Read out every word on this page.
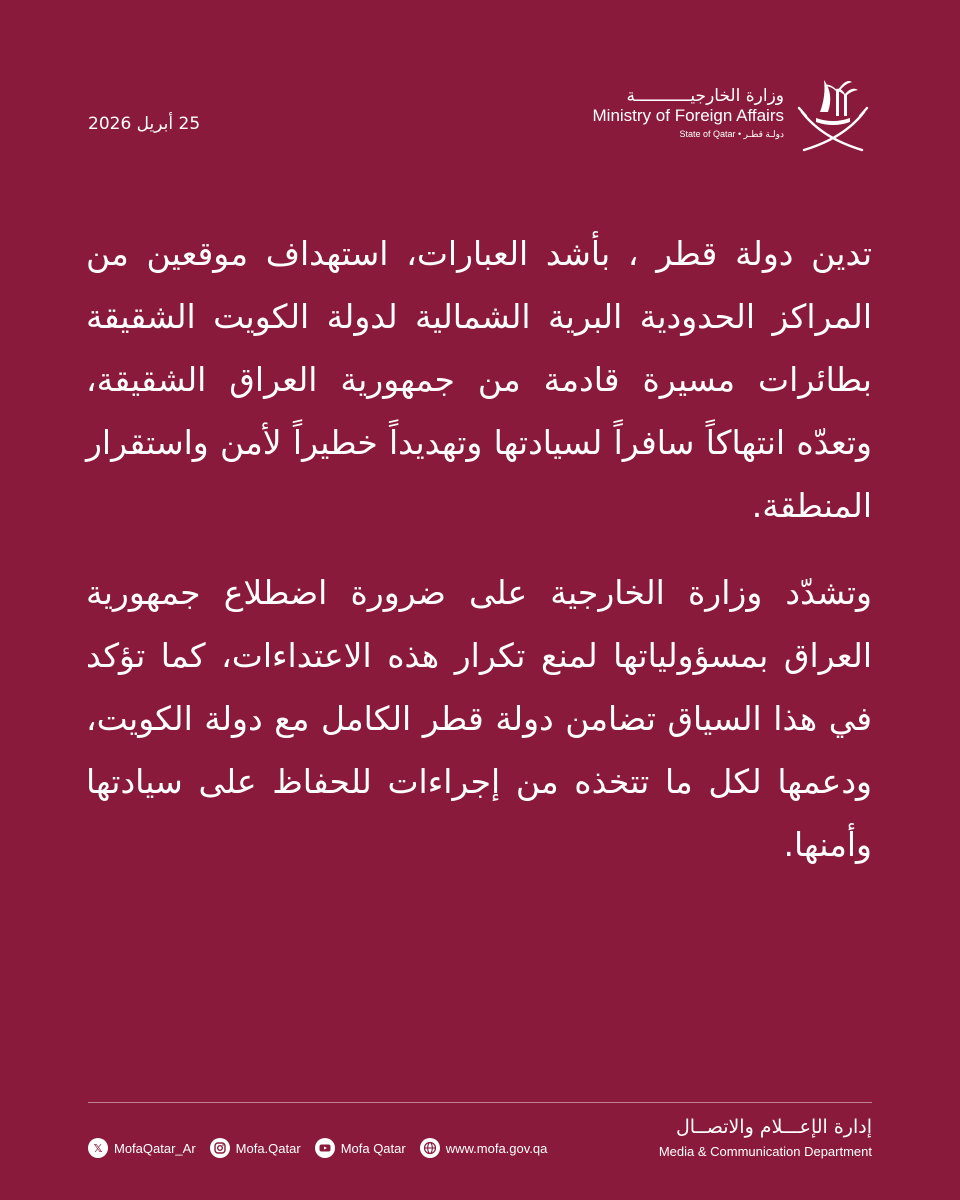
25 أبريل 2026
وزارة الخارجيـــــــــــة
Ministry of Foreign Affairs
State of Qatar • دولـة قطـر

تدين دولة قطر ، بأشد العبارات، استهداف موقعين من المراكز الحدودية البرية الشمالية لدولة الكويت الشقيقة بطائرات مسيرة قادمة من جمهورية العراق الشقيقة، وتعدّه انتهاكاً سافراً لسيادتها وتهديداً خطيراً لأمن واستقرار المنطقة.

وتشدّد وزارة الخارجية على ضرورة اضطلاع جمهورية العراق بمسؤولياتها لمنع تكرار هذه الاعتداءات، كما تؤكد في هذا السياق تضامن دولة قطر الكامل مع دولة الكويت، ودعمها لكل ما تتخذه من إجراءات للحفاظ على سيادتها وأمنها.

إدارة الإعـــلام والاتصــال
Media & Communication Department
𝕏 MofaQatar_Ar	Mofa.Qatar	Mofa Qatar	www.mofa.gov.qa
